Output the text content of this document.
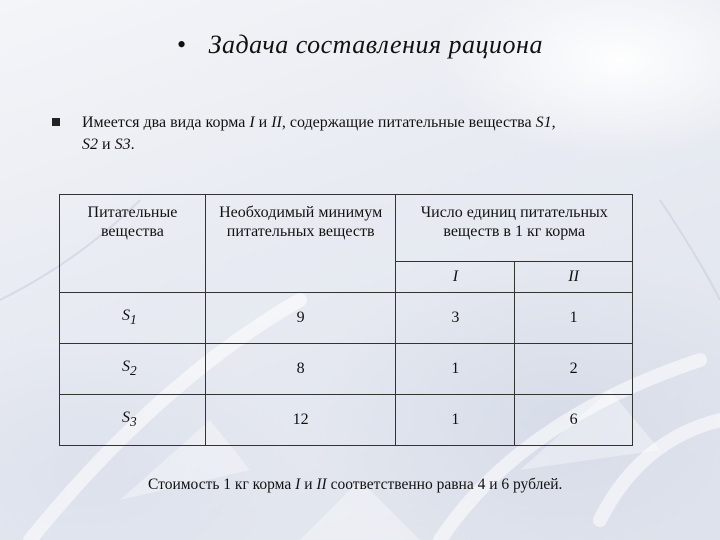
• Задача составления рациона
Имеется два вида корма I и II, содержащие питательные вещества S1,
S2 и S3.
Питательные вещества	Необходимый минимум питательных веществ	Число единиц питательных веществ в 1 кг корма	
		I	II
$S_1$	9	3	1
$S_2$	8	1	2
$S_3$	12	1	6
Стоимость 1 кг корма I и II соответственно равна 4 и 6 рублей.
